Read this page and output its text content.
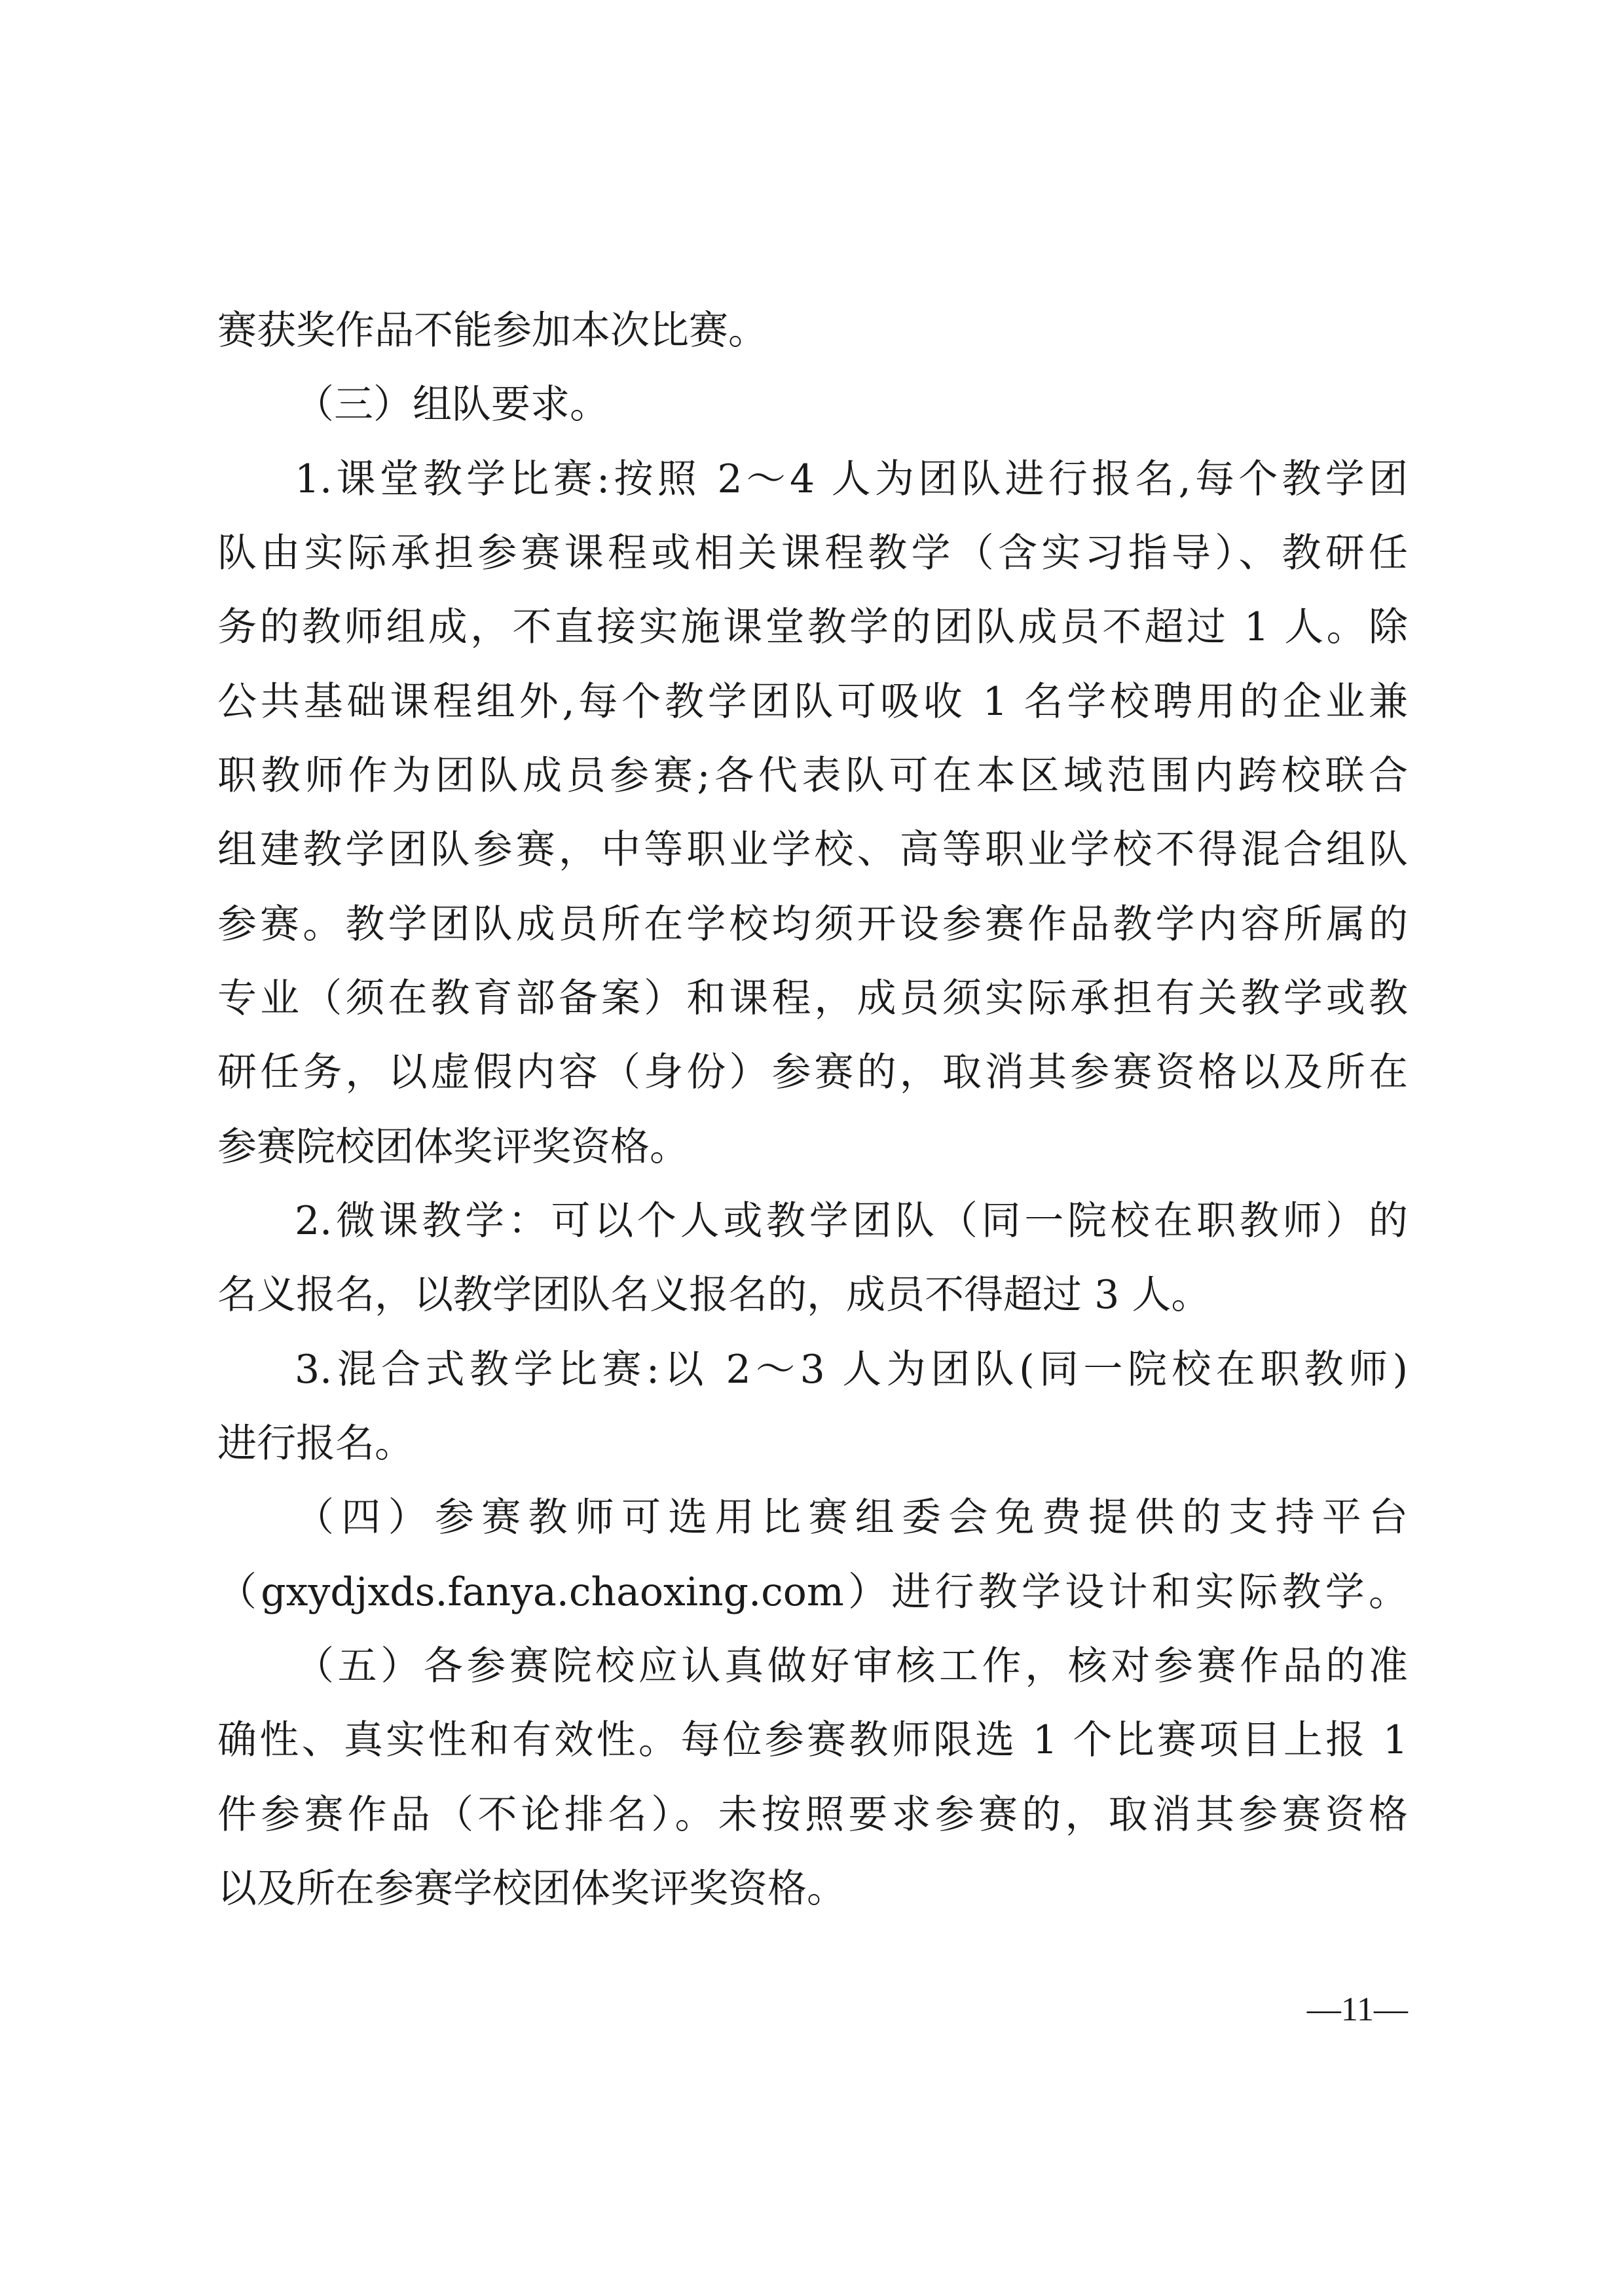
赛获奖作品不能参加本次比赛。
（三）组队要求。
1.课堂教学比赛:按照 2～4 人为团队进行报名,每个教学团
队由实际承担参赛课程或相关课程教学（含实习指导）、教研任
务的教师组成，不直接实施课堂教学的团队成员不超过 1 人。除
公共基础课程组外,每个教学团队可吸收 1 名学校聘用的企业兼
职教师作为团队成员参赛;各代表队可在本区域范围内跨校联合
组建教学团队参赛，中等职业学校、高等职业学校不得混合组队
参赛。教学团队成员所在学校均须开设参赛作品教学内容所属的
专业（须在教育部备案）和课程，成员须实际承担有关教学或教
研任务，以虚假内容（身份）参赛的，取消其参赛资格以及所在
参赛院校团体奖评奖资格。
2.微课教学：可以个人或教学团队（同一院校在职教师）的
名义报名，以教学团队名义报名的，成员不得超过 3 人。
3.混合式教学比赛:以 2～3 人为团队(同一院校在职教师)
进行报名。
（四）参赛教师可选用比赛组委会免费提供的支持平台
（gxydjxds.fanya.chaoxing.com）进行教学设计和实际教学。
（五）各参赛院校应认真做好审核工作，核对参赛作品的准
确性、真实性和有效性。每位参赛教师限选 1 个比赛项目上报 1
件参赛作品（不论排名）。未按照要求参赛的，取消其参赛资格
以及所在参赛学校团体奖评奖资格。
—11—
